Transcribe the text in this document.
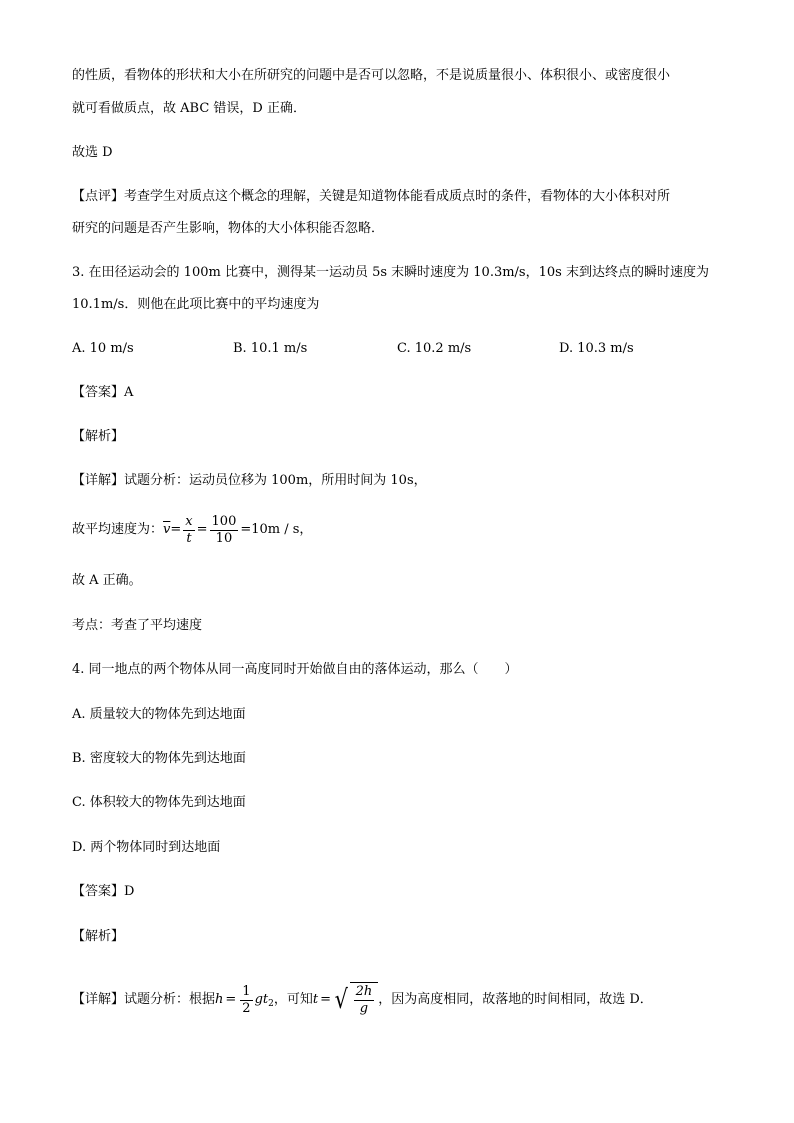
的性质，看物体的形状和大小在所研究的问题中是否可以忽略，不是说质量很小、体积很小、或密度很小
就可看做质点，故 ABC 错误，D 正确．
故选 D
【点评】考查学生对质点这个概念的理解，关键是知道物体能看成质点时的条件，看物体的大小体积对所
研究的问题是否产生影响，物体的大小体积能否忽略．
3. 在田径运动会的 100m 比赛中，测得某一运动员 5s 末瞬时速度为 10.3m/s，10s 末到达终点的瞬时速度为
10.1m/s．则他在此项比赛中的平均速度为
A. 10 m/s	B. 10.1 m/s	C. 10.2 m/s	D. 10.3 m/s
【答案】A
【解析】
【详解】试题分析：运动员位移为 100m，所用时间为 10s，
故平均速度为： $\overline{v} = \frac{x}{t} = \frac{100}{10} =10m / s$，
故 A 正确。
考点：考查了平均速度
4. 同一地点的两个物体从同一高度同时开始做自由的落体运动，那么（　　）
A. 质量较大的物体先到达地面
B. 密度较大的物体先到达地面
C. 体积较大的物体先到达地面
D. 两个物体同时到达地面
【答案】D
【解析】
【详解】试题分析：根据 $h = \frac{1}{2} gt_2$ ，可知 t = √ $\frac{2h}{g}$ ，因为高度相同，故落地的时间相同，故选 D．
